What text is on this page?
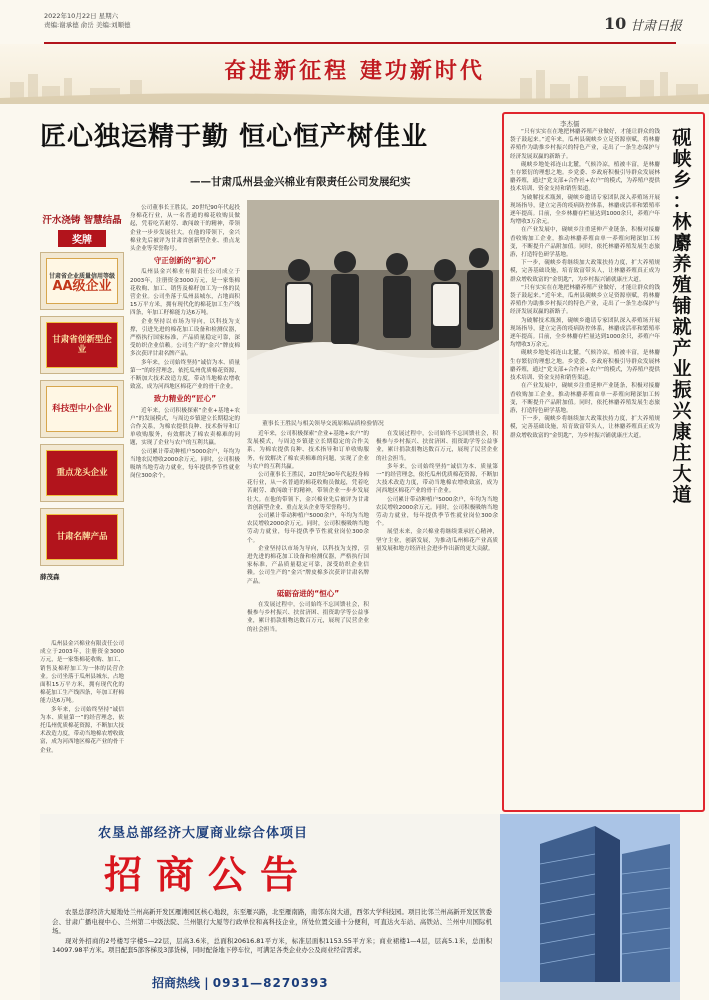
2022年10月22日 星期六
责编:谢承德 俞岳 美编:刘顺德	10 甘肃日报
奋进新征程 建功新时代
匠心独运精于勤 恒心恒产树佳业
——甘肃瓜州县金兴棉业有限责任公司发展纪实
汗水浇铸 智慧结晶
奖牌
甘肃省企业质量信用等级
AA级企业
甘肃省创新型企业
科技型中小企业
重点龙头企业
甘肃名牌产品
薛茂森

瓜州县金兴棉业有限责任公司成立于2003年，注册资金3000万元，是一家集棉花收购、加工、销售及棉籽加工为一体的民营企业。公司坐落于瓜州县城东，占地面积15万平方米，拥有现代化的棉花加工生产线四条，年加工籽棉能力达6万吨。

多年来，公司始终坚持“诚信为本、质量第一”的经营理念，依托瓜州优质棉花资源，不断加大技术改造力度，带动当地棉农增收致富，成为河西地区棉花产业的骨干企业。

公司董事长王胜民，20世纪90年代起投身棉花行业，从一名普通的棉花收购员做起，凭着吃苦耐劳、敢闯敢干的精神，带领企业一步步发展壮大。在他的带领下，金兴棉业先后被评为甘肃省创新型企业、重点龙头企业等荣誉称号。

守正创新的“初心”

瓜州县金兴棉业有限责任公司成立于2003年，注册资金3000万元，是一家集棉花收购、加工、销售及棉籽加工为一体的民营企业。公司坐落于瓜州县城东，占地面积15万平方米，拥有现代化的棉花加工生产线四条，年加工籽棉能力达6万吨。

企业坚持以市场为导向，以科技为支撑，引进先进的棉花加工设备和检测仪器，严格执行国家标准，产品质量稳定可靠，深受纺织企业信赖。公司生产的“金兴”牌皮棉多次获评甘肃名牌产品。

多年来，公司始终坚持“诚信为本、质量第一”的经营理念，依托瓜州优质棉花资源，不断加大技术改造力度，带动当地棉农增收致富，成为河西地区棉花产业的骨干企业。

致力精业的“匠心”

近年来，公司积极探索“企业+基地+农户”的发展模式，与周边乡镇建立长期稳定的合作关系，为棉农提供良种、技术指导和订单收购服务，有效解决了棉农卖棉难的问题，实现了企业与农户的互利共赢。

公司累计带动种植户5000余户，年均为当地农民增收2000余万元。同时，公司积极吸纳当地劳动力就业，每年提供季节性就业岗位300余个。

董事长王胜民与相关领导交流原棉品质检验情况

近年来，公司积极探索“企业+基地+农户”的发展模式，与周边乡镇建立长期稳定的合作关系，为棉农提供良种、技术指导和订单收购服务，有效解决了棉农卖棉难的问题，实现了企业与农户的互利共赢。

公司董事长王胜民，20世纪90年代起投身棉花行业，从一名普通的棉花收购员做起，凭着吃苦耐劳、敢闯敢干的精神，带领企业一步步发展壮大。在他的带领下，金兴棉业先后被评为甘肃省创新型企业、重点龙头企业等荣誉称号。

公司累计带动种植户5000余户，年均为当地农民增收2000余万元。同时，公司积极吸纳当地劳动力就业，每年提供季节性就业岗位300余个。

企业坚持以市场为导向，以科技为支撑，引进先进的棉花加工设备和检测仪器，严格执行国家标准，产品质量稳定可靠，深受纺织企业信赖。公司生产的“金兴”牌皮棉多次获评甘肃名牌产品。

砥砺奋进的“恒心”

在发展过程中，公司始终不忘回馈社会，积极参与乡村振兴、扶贫济困、捐资助学等公益事业，累计捐款捐物达数百万元，展现了民营企业的社会担当。

在发展过程中，公司始终不忘回馈社会，积极参与乡村振兴、扶贫济困、捐资助学等公益事业，累计捐款捐物达数百万元，展现了民营企业的社会担当。

多年来，公司始终坚持“诚信为本、质量第一”的经营理念，依托瓜州优质棉花资源，不断加大技术改造力度，带动当地棉农增收致富，成为河西地区棉花产业的骨干企业。

公司累计带动种植户5000余户，年均为当地农民增收2000余万元。同时，公司积极吸纳当地劳动力就业，每年提供季节性就业岗位300余个。

展望未来，金兴棉业将继续秉承匠心精神，坚守主业，创新发展，为推动瓜州棉花产业高质量发展和地方经济社会进步作出新的更大贡献。

李杰儒

“只有实实在在地把林麝养殖产业做好，才能让群众的钱袋子鼓起来。”近年来，瓜州县砚峡乡立足资源禀赋，将林麝养殖作为助推乡村振兴的特色产业，走出了一条生态保护与经济发展双赢的新路子。

砚峡乡地处祁连山北麓，气候冷凉，植被丰富，是林麝生存繁衍的理想之地。乡党委、乡政府积极引导群众发展林麝养殖，通过“党支部+合作社+农户”的模式，为养殖户提供技术培训、资金支持和销售渠道。

为破解技术瓶颈，砚峡乡邀请专家团队深入养殖场开展现场指导，建立完善的疫病防控体系，林麝成活率和繁殖率逐年提高。目前，全乡林麝存栏量达到1000余只，养殖户年均增收3万余元。

在产业发展中，砚峡乡注重延伸产业链条，积极对接麝香收购加工企业，推动林麝养殖由单一养殖向精深加工转变，不断提升产品附加值。同时，依托林麝养殖发展生态旅游，打造特色研学基地。

下一步，砚峡乡将继续加大政策扶持力度，扩大养殖规模，完善基础设施，培育致富带头人，让林麝养殖真正成为群众增收致富的“金钥匙”，为乡村振兴铺就康庄大道。

“只有实实在在地把林麝养殖产业做好，才能让群众的钱袋子鼓起来。”近年来，瓜州县砚峡乡立足资源禀赋，将林麝养殖作为助推乡村振兴的特色产业，走出了一条生态保护与经济发展双赢的新路子。

为破解技术瓶颈，砚峡乡邀请专家团队深入养殖场开展现场指导，建立完善的疫病防控体系，林麝成活率和繁殖率逐年提高。目前，全乡林麝存栏量达到1000余只，养殖户年均增收3万余元。

砚峡乡地处祁连山北麓，气候冷凉，植被丰富，是林麝生存繁衍的理想之地。乡党委、乡政府积极引导群众发展林麝养殖，通过“党支部+合作社+农户”的模式，为养殖户提供技术培训、资金支持和销售渠道。

在产业发展中，砚峡乡注重延伸产业链条，积极对接麝香收购加工企业，推动林麝养殖由单一养殖向精深加工转变，不断提升产品附加值。同时，依托林麝养殖发展生态旅游，打造特色研学基地。

下一步，砚峡乡将继续加大政策扶持力度，扩大养殖规模，完善基础设施，培育致富带头人，让林麝养殖真正成为群众增收致富的“金钥匙”，为乡村振兴铺就康庄大道。

砚
峡
乡
：
林
麝
养
殖
铺
就
产
业
振
兴
康
庄
大
道
农垦总部经济大厦商业综合体项目
招商公告

农垦总部经济大厦地处兰州高新开发区雁滩园区核心地段，东至雁兴路，北至雁南路，南邻东岗大道，西邻大学科技园。项目比邻兰州高新开发区管委会、甘肃广播电视中心、兰州第二中级法院、兰州银行大厦等行政单位和高科技企业，所处位置交通十分便利，可直达火车站、高铁站、兰州中川国际机场。

现对外招商的2号楼写字楼5—22层，层高3.6米，总面积20616.81平方米，标准层面积1153.55平方米；商业裙楼1—4层，层高5.1米，总面积14097.98平方米。项目配套5部客梯及3部货梯，同时配备地下停车位，可满足各类企业办公及商业经营需求。

招商热线 | 0931—8270393
